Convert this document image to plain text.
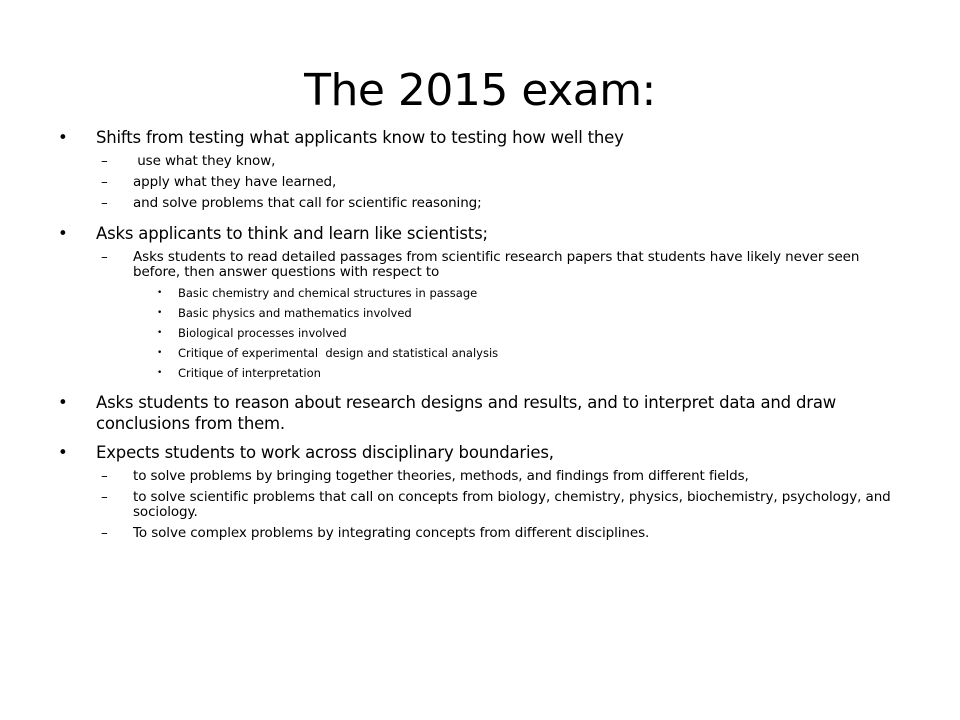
The 2015 exam:
• Shifts from testing what applicants know to testing how well they
– use what they know,
– apply what they have learned,
– and solve problems that call for scientific reasoning;
• Asks applicants to think and learn like scientists;
– Asks students to read detailed passages from scientific research papers that students have likely never seen before, then answer questions with respect to
• Basic chemistry and chemical structures in passage
• Basic physics and mathematics involved
• Biological processes involved
• Critique of experimental  design and statistical analysis
• Critique of interpretation
• Asks students to reason about research designs and results, and to interpret data and draw conclusions from them.
• Expects students to work across disciplinary boundaries,
– to solve problems by bringing together theories, methods, and findings from different fields,
– to solve scientific problems that call on concepts from biology, chemistry, physics, biochemistry, psychology, and sociology.
– To solve complex problems by integrating concepts from different disciplines.
